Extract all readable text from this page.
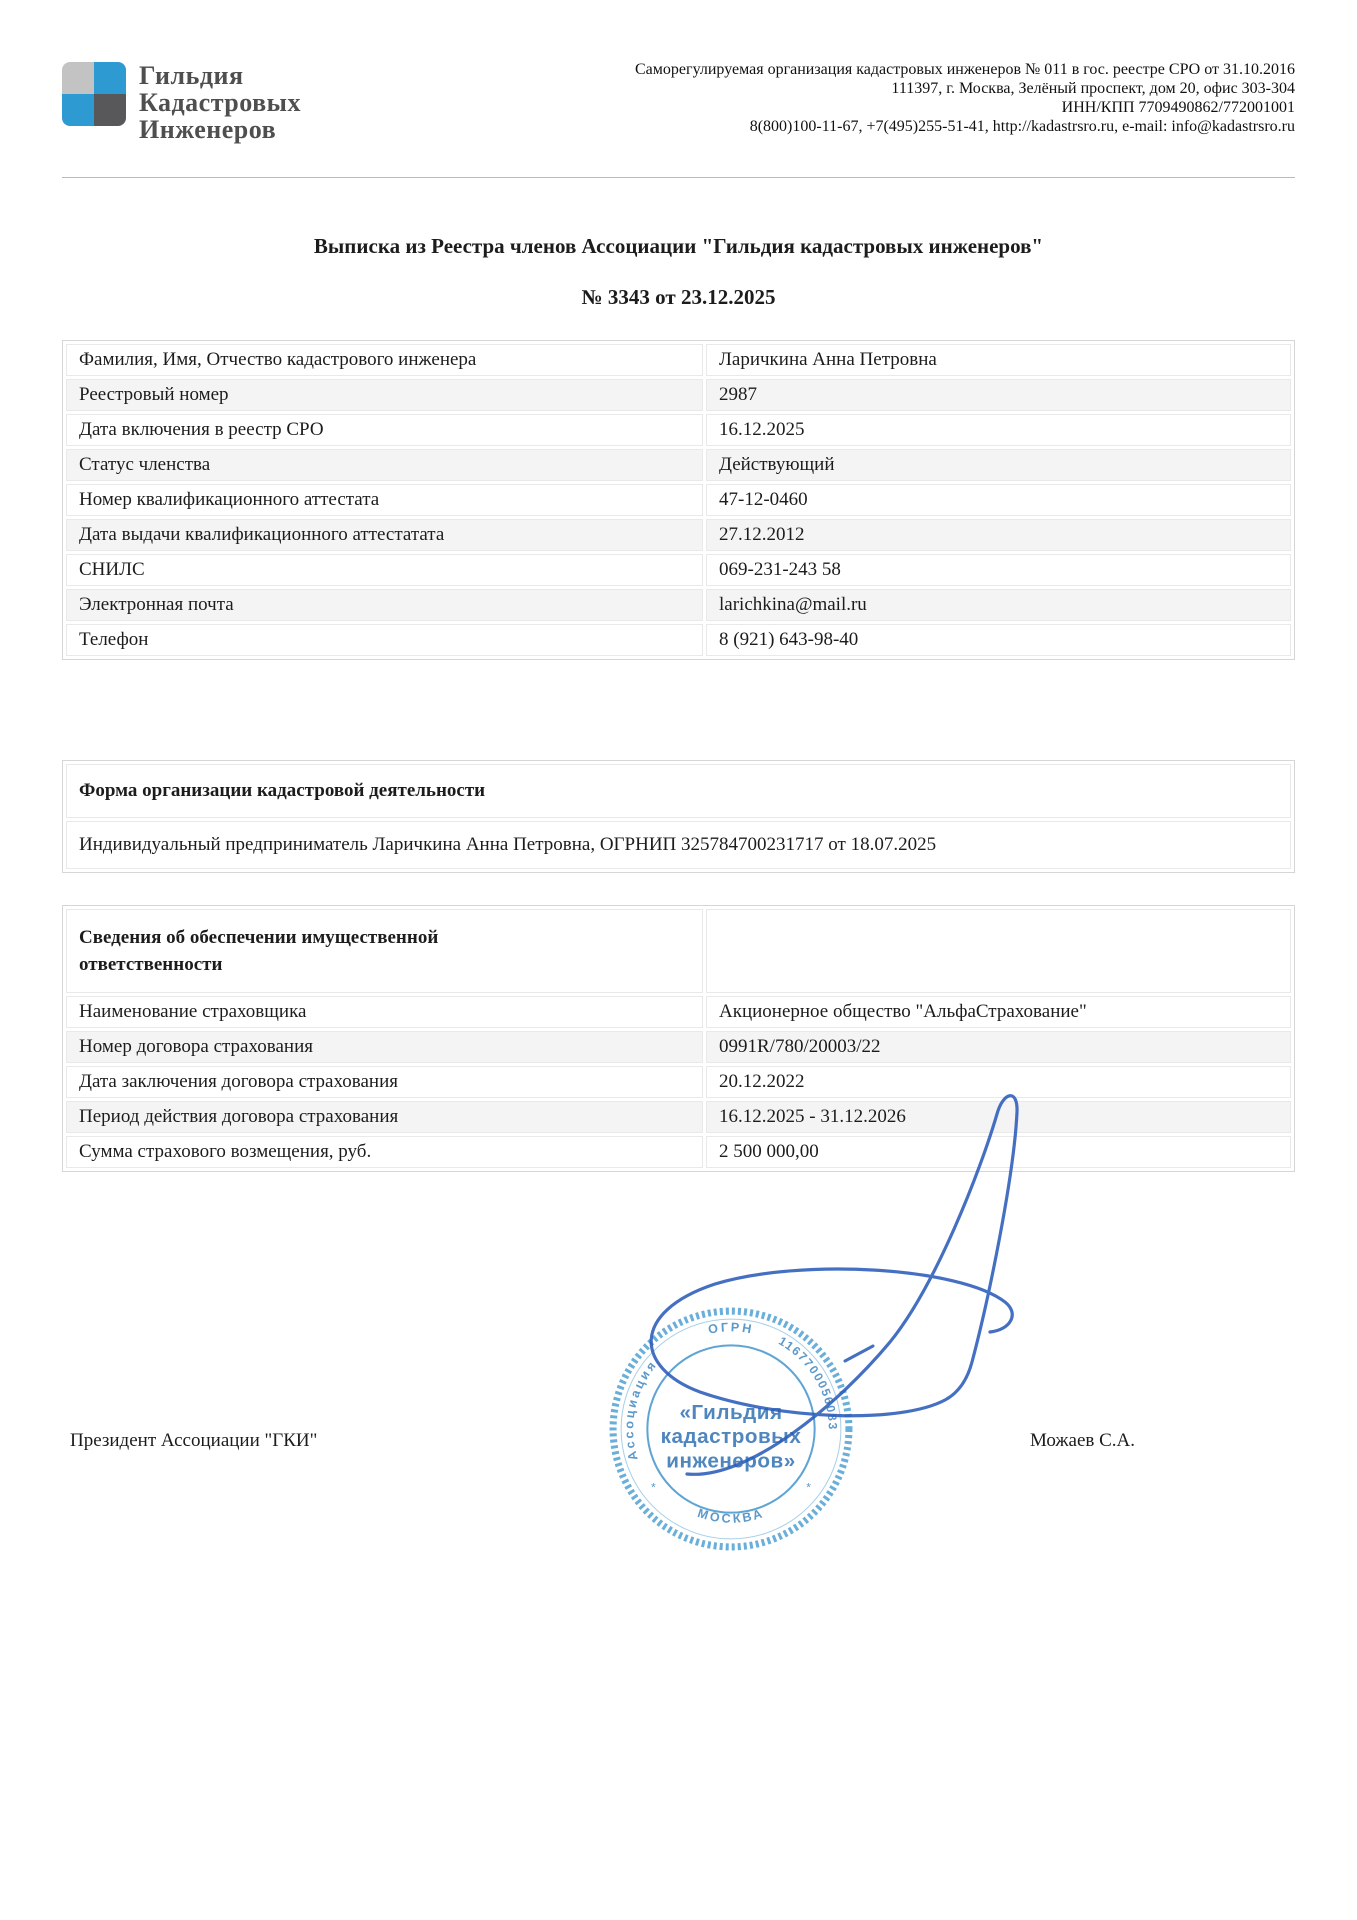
Гильдия
Кадастровых
Инженеров
Саморегулируемая организация кадастровых инженеров № 011 в гос. реестре СРО от 31.10.2016
111397, г. Москва, Зелёный проспект, дом 20, офис 303-304
ИНН/КПП 7709490862/772001001
8(800)100-11-67, +7(495)255-51-41, http://kadastrsro.ru, e-mail: info@kadastrsro.ru
Выписка из Реестра членов Ассоциации "Гильдия кадастровых инженеров"
№ 3343 от 23.12.2025
Фамилия, Имя, Отчество кадастрового инженера	Ларичкина Анна Петровна
Реестровый номер	2987
Дата включения в реестр СРО	16.12.2025
Статус членства	Действующий
Номер квалификационного аттестата	47-12-0460
Дата выдачи квалификационного аттестатата	27.12.2012
СНИЛС	069-231-243 58
Электронная почта	larichkina@mail.ru
Телефон	8 (921) 643-98-40
Форма организации кадастровой деятельности
Индивидуальный предприниматель Ларичкина Анна Петровна, ОГРНИП 325784700231717 от 18.07.2025
Сведения об обеспечении имущественной ответственности	

Наименование страховщика	Акционерное общество "АльфаСтрахование"
Номер договора страхования	0991R/780/20003/22
Дата заключения договора страхования	20.12.2022
Период действия договора страхования	16.12.2025 - 31.12.2026
Сумма страхового возмещения, руб.	2 500 000,00
Президент Ассоциации "ГКИ"	Можаев С.А.
Ассоциация
ОГРН
1167700056083
МОСКВА
*	*
«Гильдия
кадастровых
инженеров»
